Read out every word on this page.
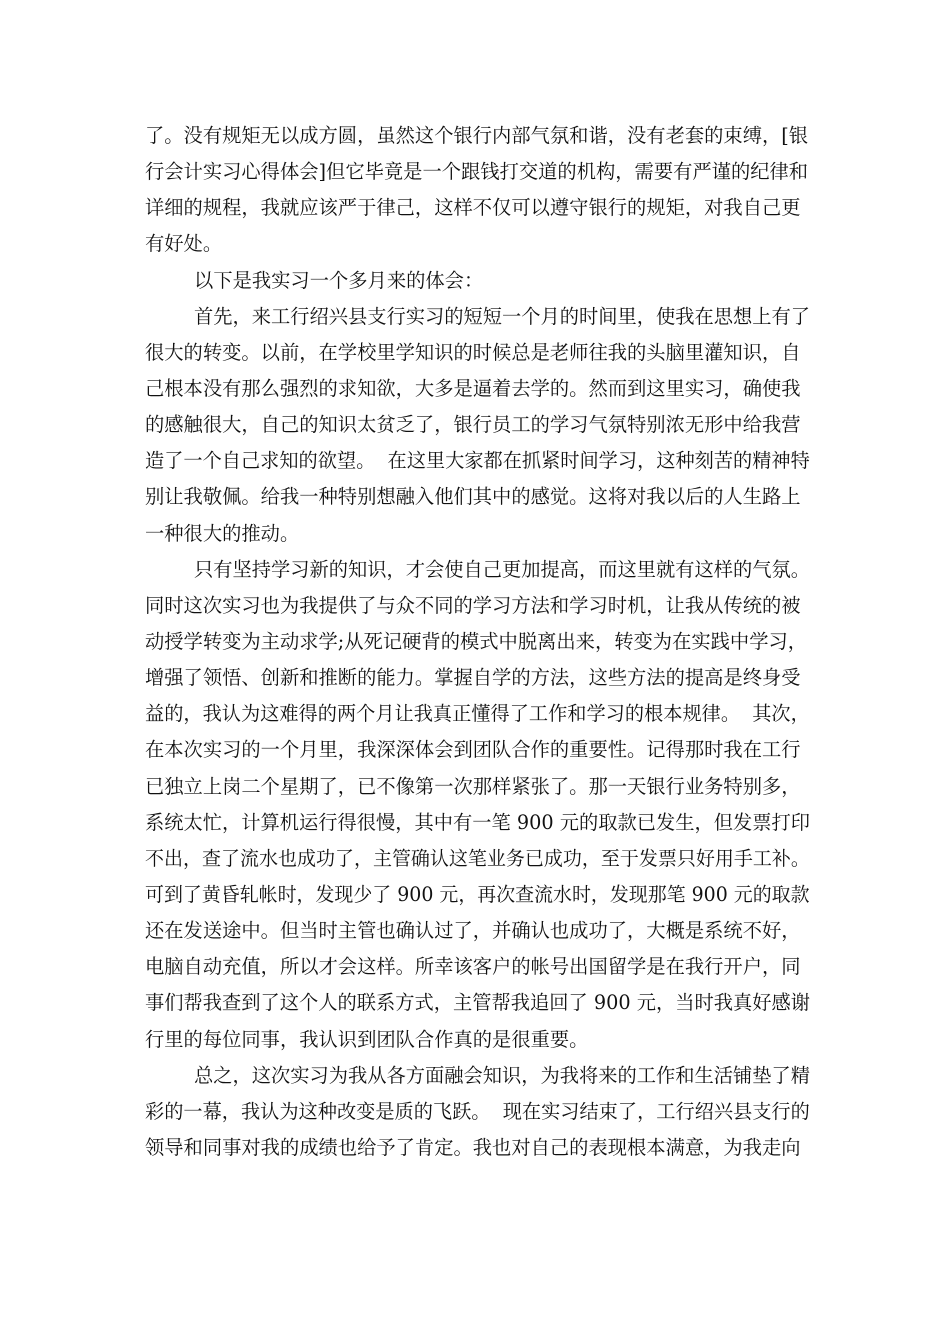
了。没有规矩无以成方圆，虽然这个银行内部气氛和谐，没有老套的束缚，[银
行会计实习心得体会]但它毕竟是一个跟钱打交道的机构，需要有严谨的纪律和
详细的规程，我就应该严于律己，这样不仅可以遵守银行的规矩，对我自己更
有好处。
以下是我实习一个多月来的体会：
首先，来工行绍兴县支行实习的短短一个月的时间里，使我在思想上有了
很大的转变。以前，在学校里学知识的时候总是老师往我的头脑里灌知识，自
己根本没有那么强烈的求知欲，大多是逼着去学的。然而到这里实习，确使我
的感触很大，自己的知识太贫乏了，银行员工的学习气氛特别浓无形中给我营
造了一个自己求知的欲望。  在这里大家都在抓紧时间学习，这种刻苦的精神特
别让我敬佩。给我一种特别想融入他们其中的感觉。这将对我以后的人生路上
一种很大的推动。
只有坚持学习新的知识，才会使自己更加提高，而这里就有这样的气氛。
同时这次实习也为我提供了与众不同的学习方法和学习时机，让我从传统的被
动授学转变为主动求学;从死记硬背的模式中脱离出来，转变为在实践中学习，
增强了领悟、创新和推断的能力。掌握自学的方法，这些方法的提高是终身受
益的，我认为这难得的两个月让我真正懂得了工作和学习的根本规律。  其次，
在本次实习的一个月里，我深深体会到团队合作的重要性。记得那时我在工行
已独立上岗二个星期了，已不像第一次那样紧张了。那一天银行业务特别多，
系统太忙，计算机运行得很慢，其中有一笔 900 元的取款已发生，但发票打印
不出，查了流水也成功了，主管确认这笔业务已成功，至于发票只好用手工补。
可到了黄昏轧帐时，发现少了 900 元，再次查流水时，发现那笔 900 元的取款
还在发送途中。但当时主管也确认过了，并确认也成功了，大概是系统不好，
电脑自动充值，所以才会这样。所幸该客户的帐号出国留学是在我行开户，同
事们帮我查到了这个人的联系方式，主管帮我追回了 900 元，当时我真好感谢
行里的每位同事，我认识到团队合作真的是很重要。
总之，这次实习为我从各方面融会知识，为我将来的工作和生活铺垫了精
彩的一幕，我认为这种改变是质的飞跃。  现在实习结束了，工行绍兴县支行的
领导和同事对我的成绩也给予了肯定。我也对自己的表现根本满意，为我走向
